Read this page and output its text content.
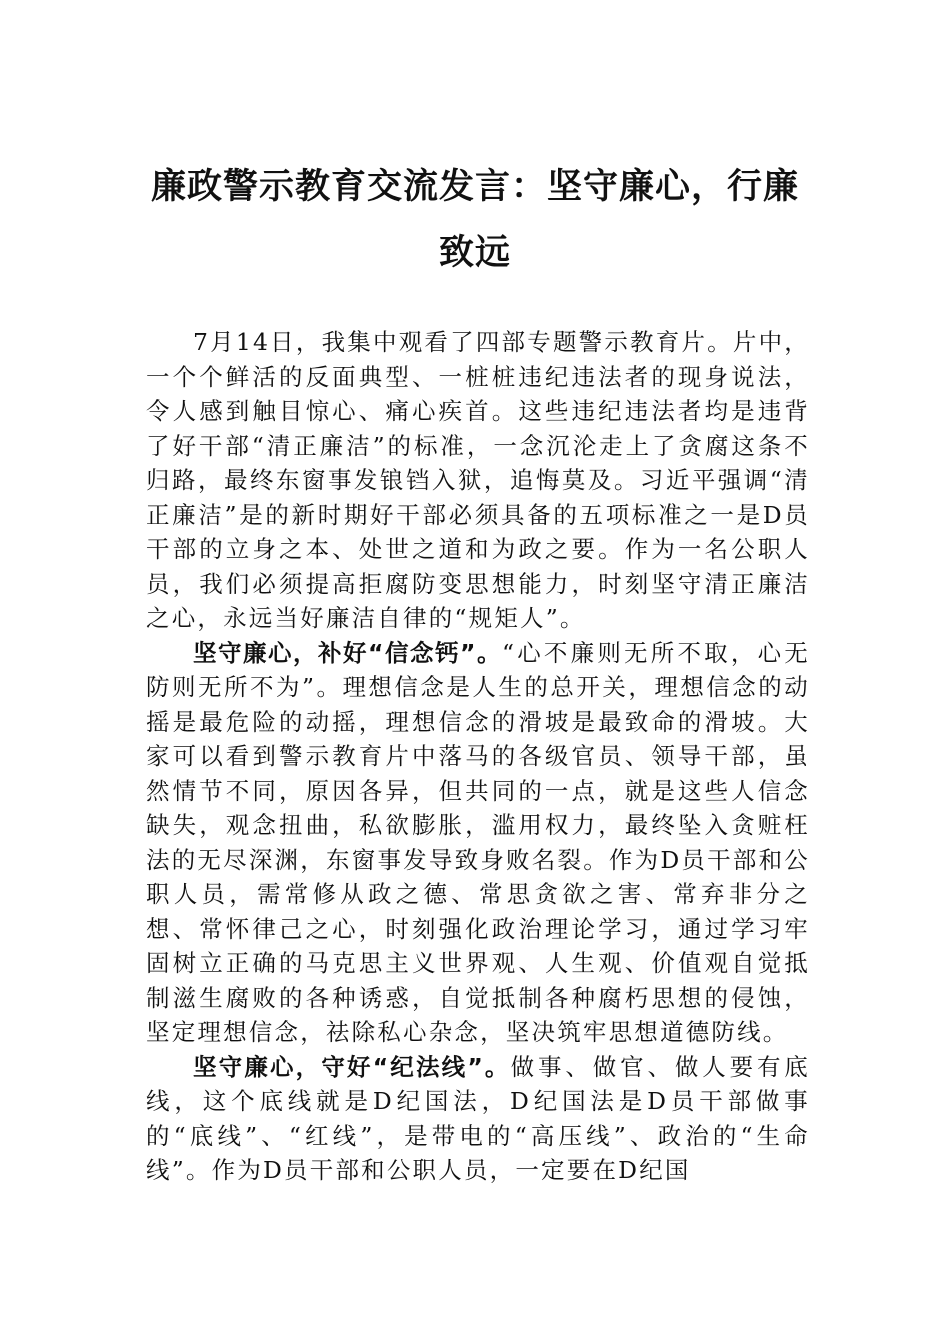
廉政警示教育交流发言：坚守廉心，行廉致远

7月14日，我集中观看了四部专题警示教育片。片中，一个个鲜活的反面典型、一桩桩违纪违法者的现身说法，令人感到触目惊心、痛心疾首。这些违纪违法者均是违背了好干部“清正廉洁”的标准，一念沉沦走上了贪腐这条不归路，最终东窗事发锒铛入狱，追悔莫及。习近平强调“清正廉洁”是的新时期好干部必须具备的五项标准之一是D员干部的立身之本、处世之道和为政之要。作为一名公职人员，我们必须提高拒腐防变思想能力，时刻坚守清正廉洁之心，永远当好廉洁自律的“规矩人”。

坚守廉心，补好“信念钙”。“心不廉则无所不取，心无防则无所不为”。理想信念是人生的总开关，理想信念的动摇是最危险的动摇，理想信念的滑坡是最致命的滑坡。大家可以看到警示教育片中落马的各级官员、领导干部，虽然情节不同，原因各异，但共同的一点，就是这些人信念缺失，观念扭曲，私欲膨胀，滥用权力，最终坠入贪赃枉法的无尽深渊，东窗事发导致身败名裂。作为D员干部和公职人员，需常修从政之德、常思贪欲之害、常弃非分之想、常怀律己之心，时刻强化政治理论学习，通过学习牢固树立正确的马克思主义世界观、人生观、价值观自觉抵制滋生腐败的各种诱惑，自觉抵制各种腐朽思想的侵蚀，坚定理想信念，祛除私心杂念，坚决筑牢思想道德防线。

坚守廉心，守好“纪法线”。做事、做官、做人要有底线，这个底线就是D纪国法，D纪国法是D员干部做事的“底线”、“红线”，是带电的“高压线”、政治的“生命线”。作为D员干部和公职人员，一定要在D纪国
